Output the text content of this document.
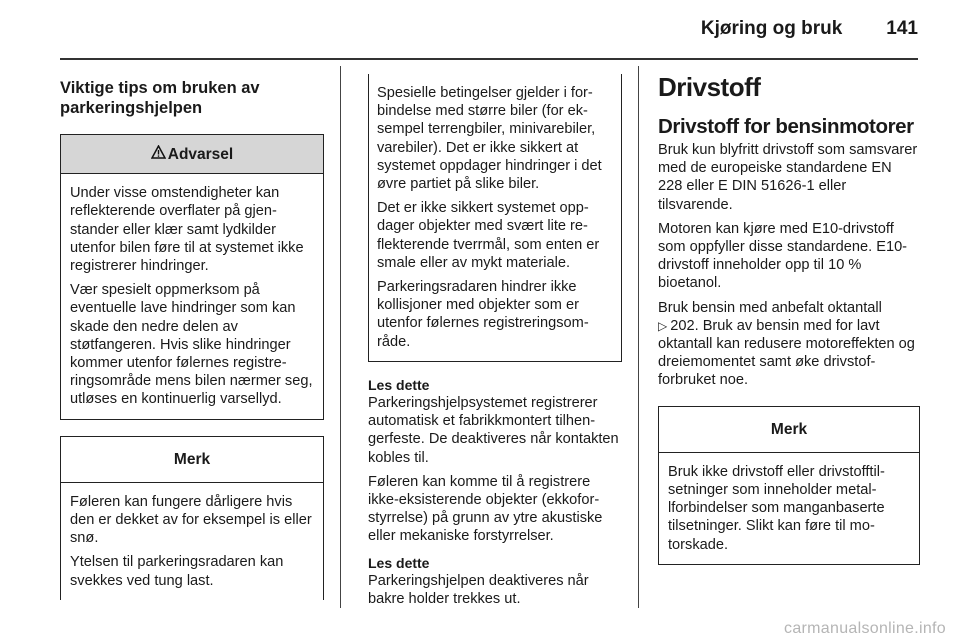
Kjøring og bruk 141
Viktige tips om bruken av
parkeringshjelpen
Advarsel

Under visse omstendigheter kan reflekterende overflater på gjenstander eller klær samt lydkilder utenfor bilen føre til at systemet ikke registrerer hindringer.

Vær spesielt oppmerksom på eventuelle lave hindringer som kan skade den nedre delen av støtfangeren. Hvis slike hindringer kommer utenfor følernes registreringsområde mens bilen nærmer seg, utløses en kontinuerlig varsellyd.

Merk

Føleren kan fungere dårligere hvis den er dekket av for eksempel is eller snø.

Ytelsen til parkeringsradaren kan svekkes ved tung last.

Spesielle betingelser gjelder i forbindelse med større biler (for eksempel terrengbiler, minivarebiler, varebiler). Det er ikke sikkert at systemet oppdager hindringer i det øvre partiet på slike biler.

Det er ikke sikkert systemet oppdager objekter med svært lite reflekterende tverrmål, som enten er smale eller av mykt materiale.

Parkeringsradaren hindrer ikke kollisjoner med objekter som er utenfor følernes registreringsområde.

Les dette

Parkeringshjelpsystemet registrerer automatisk et fabrikkmontert tilhengerfeste. De deaktiveres når kontakten kobles til.

Føleren kan komme til å registrere ikke-eksisterende objekter (ekkoforstyrrelse) på grunn av ytre akustiske eller mekaniske forstyrrelser.

Les dette

Parkeringshjelpen deaktiveres når bakre holder trekkes ut.

Drivstoff
Drivstoff for bensinmotorer

Bruk kun blyfritt drivstoff som samsvarer med de europeiske standardene EN 228 eller E DIN 51626-1 eller tilsvarende.

Motoren kan kjøre med E10-drivstoff som oppfyller disse standardene. E10-drivstoff inneholder opp til 10 % bioetanol.

Bruk bensin med anbefalt oktantall
▷ 202. Bruk av bensin med for lavt oktantall kan redusere motoreffekten og dreiemomentet samt øke drivstofforbruket noe.

Merk

Bruk ikke drivstoff eller drivstofftilsetninger som inneholder metallforbindelser som manganbaserte tilsetninger. Slikt kan føre til motorskade.

carmanualsonline.info
